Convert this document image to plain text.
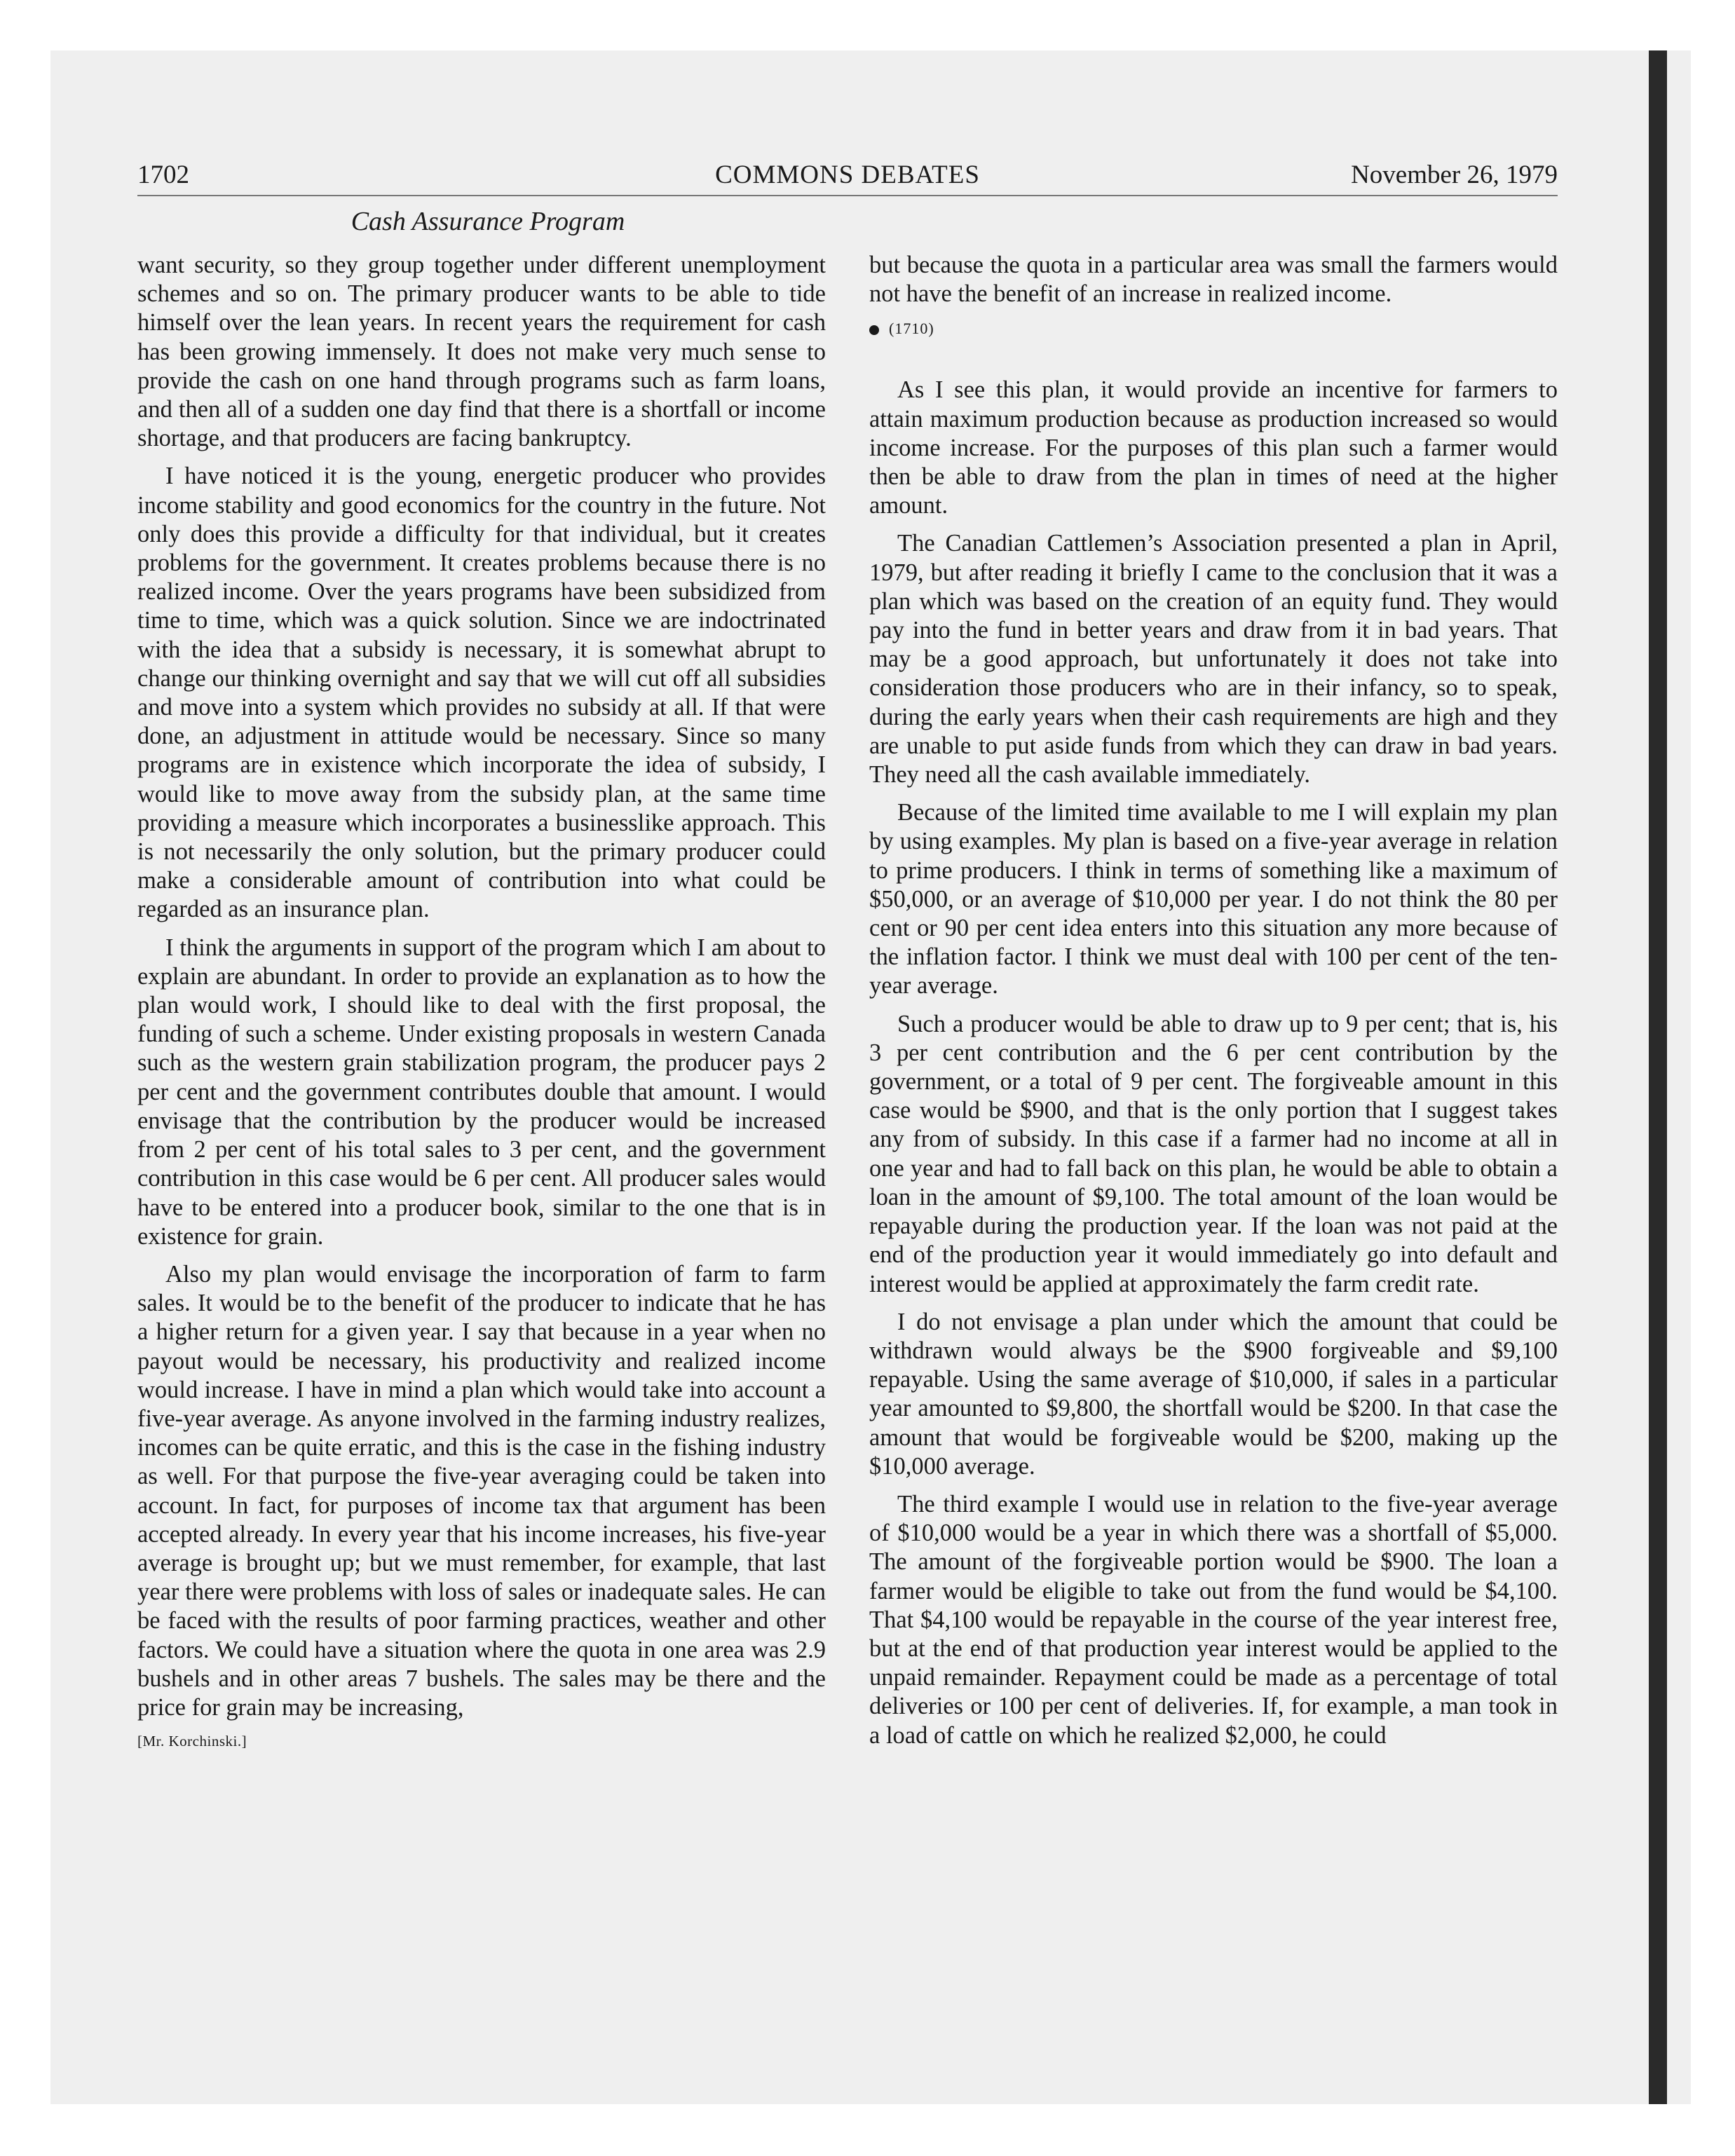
1702	COMMONS DEBATES	November 26, 1979
Cash Assurance Program

want security, so they group together under different unemployment schemes and so on. The primary producer wants to be able to tide himself over the lean years. In recent years the requirement for cash has been growing immensely. It does not make very much sense to provide the cash on one hand through programs such as farm loans, and then all of a sudden one day find that there is a shortfall or income shortage, and that producers are facing bankruptcy.

I have noticed it is the young, energetic producer who provides income stability and good economics for the country in the future. Not only does this provide a difficulty for that individual, but it creates problems for the government. It creates problems because there is no realized income. Over the years programs have been subsidized from time to time, which was a quick solution. Since we are indoctrinated with the idea that a subsidy is necessary, it is somewhat abrupt to change our thinking overnight and say that we will cut off all subsidies and move into a system which provides no subsidy at all. If that were done, an adjustment in attitude would be necessary. Since so many programs are in existence which incorporate the idea of subsidy, I would like to move away from the subsidy plan, at the same time providing a measure which incorporates a businesslike approach. This is not necessarily the only solution, but the primary producer could make a considerable amount of contribution into what could be regarded as an insurance plan.

I think the arguments in support of the program which I am about to explain are abundant. In order to provide an explanation as to how the plan would work, I should like to deal with the first proposal, the funding of such a scheme. Under existing proposals in western Canada such as the western grain stabilization program, the producer pays 2 per cent and the government contributes double that amount. I would envisage that the contribution by the producer would be increased from 2 per cent of his total sales to 3 per cent, and the government contribution in this case would be 6 per cent. All producer sales would have to be entered into a producer book, similar to the one that is in existence for grain.

Also my plan would envisage the incorporation of farm to farm sales. It would be to the benefit of the producer to indicate that he has a higher return for a given year. I say that because in a year when no payout would be necessary, his productivity and realized income would increase. I have in mind a plan which would take into account a five-year average. As anyone involved in the farming industry realizes, incomes can be quite erratic, and this is the case in the fishing industry as well. For that purpose the five-year averaging could be taken into account. In fact, for purposes of income tax that argument has been accepted already. In every year that his income increases, his five-year average is brought up; but we must remember, for example, that last year there were problems with loss of sales or inadequate sales. He can be faced with the results of poor farming practices, weather and other factors. We could have a situation where the quota in one area was 2.9 bushels and in other areas 7 bushels. The sales may be there and the price for grain may be increasing,

[Mr. Korchinski.]

but because the quota in a particular area was small the farmers would not have the benefit of an increase in realized income.

(1710)

As I see this plan, it would provide an incentive for farmers to attain maximum production because as production increased so would income increase. For the purposes of this plan such a farmer would then be able to draw from the plan in times of need at the higher amount.

The Canadian Cattlemen’s Association presented a plan in April, 1979, but after reading it briefly I came to the conclusion that it was a plan which was based on the creation of an equity fund. They would pay into the fund in better years and draw from it in bad years. That may be a good approach, but unfortunately it does not take into consideration those producers who are in their infancy, so to speak, during the early years when their cash requirements are high and they are unable to put aside funds from which they can draw in bad years. They need all the cash available immediately.

Because of the limited time available to me I will explain my plan by using examples. My plan is based on a five-year average in relation to prime producers. I think in terms of something like a maximum of $50,000, or an average of $10,000 per year. I do not think the 80 per cent or 90 per cent idea enters into this situation any more because of the inflation factor. I think we must deal with 100 per cent of the ten-year average.

Such a producer would be able to draw up to 9 per cent; that is, his 3 per cent contribution and the 6 per cent contribution by the government, or a total of 9 per cent. The forgiveable amount in this case would be $900, and that is the only portion that I suggest takes any from of subsidy. In this case if a farmer had no income at all in one year and had to fall back on this plan, he would be able to obtain a loan in the amount of $9,100. The total amount of the loan would be repayable during the production year. If the loan was not paid at the end of the production year it would immediately go into default and interest would be applied at approximately the farm credit rate.

I do not envisage a plan under which the amount that could be withdrawn would always be the $900 forgiveable and $9,100 repayable. Using the same average of $10,000, if sales in a particular year amounted to $9,800, the shortfall would be $200. In that case the amount that would be forgiveable would be $200, making up the $10,000 average.

The third example I would use in relation to the five-year average of $10,000 would be a year in which there was a shortfall of $5,000. The amount of the forgiveable portion would be $900. The loan a farmer would be eligible to take out from the fund would be $4,100. That $4,100 would be repayable in the course of the year interest free, but at the end of that production year interest would be applied to the unpaid remainder. Repayment could be made as a percentage of total deliveries or 100 per cent of deliveries. If, for example, a man took in a load of cattle on which he realized $2,000, he could
